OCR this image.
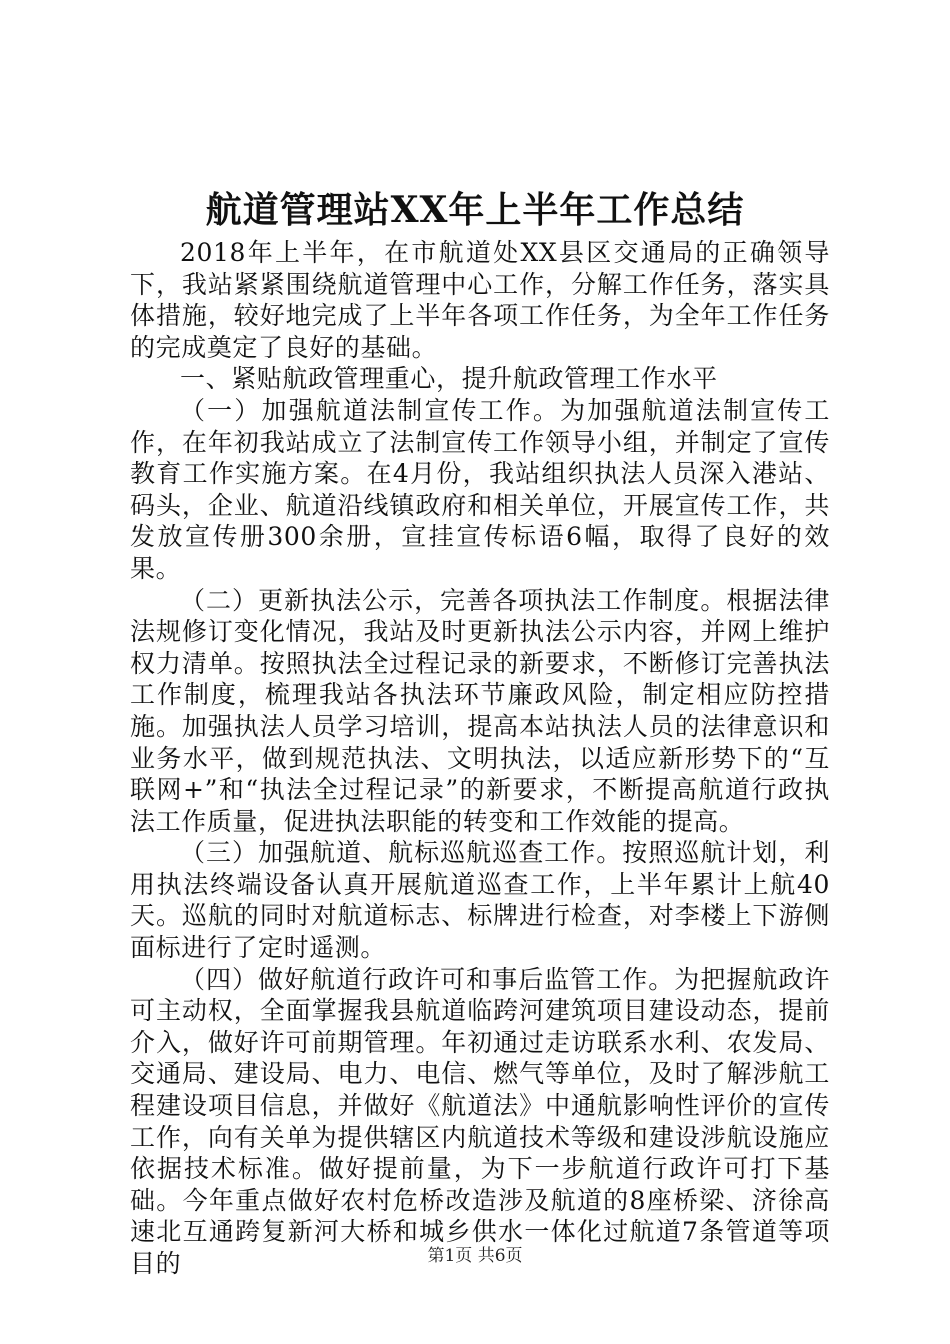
航道管理站XX年上半年工作总结

2018年上半年，在市航道处XX县区交通局的正确领导下，我站紧紧围绕航道管理中心工作，分解工作任务，落实具体措施，较好地完成了上半年各项工作任务，为全年工作任务的完成奠定了良好的基础。

一、紧贴航政管理重心，提升航政管理工作水平

（一）加强航道法制宣传工作。为加强航道法制宣传工作，在年初我站成立了法制宣传工作领导小组，并制定了宣传教育工作实施方案。在4月份，我站组织执法人员深入港站、码头，企业、航道沿线镇政府和相关单位，开展宣传工作，共发放宣传册300余册，宣挂宣传标语6幅，取得了良好的效果。

（二）更新执法公示，完善各项执法工作制度。根据法律法规修订变化情况，我站及时更新执法公示内容，并网上维护权力清单。按照执法全过程记录的新要求，不断修订完善执法工作制度，梳理我站各执法环节廉政风险，制定相应防控措施。加强执法人员学习培训，提高本站执法人员的法律意识和业务水平，做到规范执法、文明执法，以适应新形势下的“互联网+”和“执法全过程记录”的新要求，不断提高航道行政执法工作质量，促进执法职能的转变和工作效能的提高。

（三）加强航道、航标巡航巡查工作。按照巡航计划，利用执法终端设备认真开展航道巡查工作，上半年累计上航40天。巡航的同时对航道标志、标牌进行检查，对李楼上下游侧面标进行了定时遥测。

（四）做好航道行政许可和事后监管工作。为把握航政许可主动权，全面掌握我县航道临跨河建筑项目建设动态，提前介入，做好许可前期管理。年初通过走访联系水利、农发局、交通局、建设局、电力、电信、燃气等单位，及时了解涉航工程建设项目信息，并做好《航道法》中通航影响性评价的宣传工作，向有关单为提供辖区内航道技术等级和建设涉航设施应依据技术标准。做好提前量，为下一步航道行政许可打下基础。今年重点做好农村危桥改造涉及航道的8座桥梁、济徐高速北互通跨复新河大桥和城乡供水一体化过航道7条管道等项目的	第1页 共6页
